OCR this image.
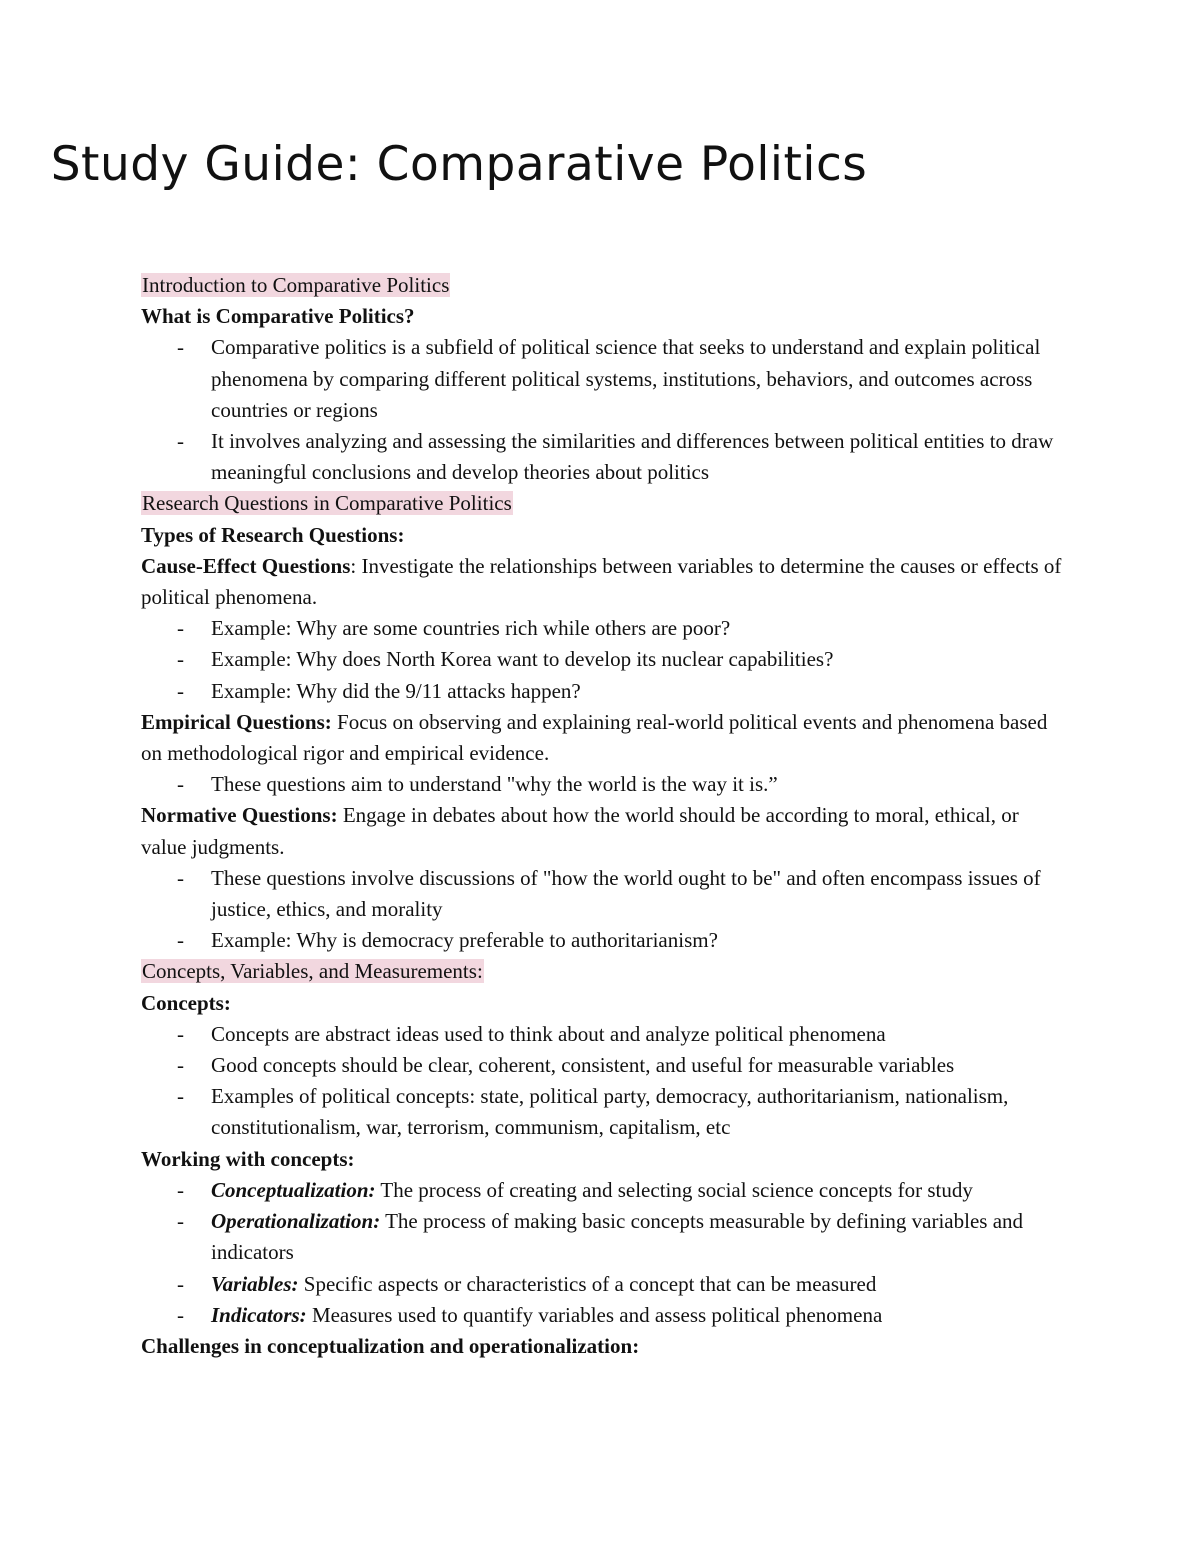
Study Guide: Comparative Politics

Introduction to Comparative Politics

What is Comparative Politics?

- Comparative politics is a subfield of political science that seeks to understand and explain political phenomena by comparing different political systems, institutions, behaviors, and outcomes across countries or regions
- It involves analyzing and assessing the similarities and differences between political entities to draw meaningful conclusions and develop theories about politics

Research Questions in Comparative Politics

Types of Research Questions:

Cause-Effect Questions: Investigate the relationships between variables to determine the causes or effects of political phenomena.

- Example: Why are some countries rich while others are poor?
- Example: Why does North Korea want to develop its nuclear capabilities?
- Example: Why did the 9/11 attacks happen?

Empirical Questions: Focus on observing and explaining real-world political events and phenomena based on methodological rigor and empirical evidence.

- These questions aim to understand "why the world is the way it is.”

Normative Questions: Engage in debates about how the world should be according to moral, ethical, or value judgments.

- These questions involve discussions of "how the world ought to be" and often encompass issues of justice, ethics, and morality
- Example: Why is democracy preferable to authoritarianism?

Concepts, Variables, and Measurements:

Concepts:

- Concepts are abstract ideas used to think about and analyze political phenomena
- Good concepts should be clear, coherent, consistent, and useful for measurable variables
- Examples of political concepts: state, political party, democracy, authoritarianism, nationalism, constitutionalism, war, terrorism, communism, capitalism, etc

Working with concepts:

- Conceptualization: The process of creating and selecting social science concepts for study
- Operationalization: The process of making basic concepts measurable by defining variables and indicators
- Variables: Specific aspects or characteristics of a concept that can be measured
- Indicators: Measures used to quantify variables and assess political phenomena

Challenges in conceptualization and operationalization:
